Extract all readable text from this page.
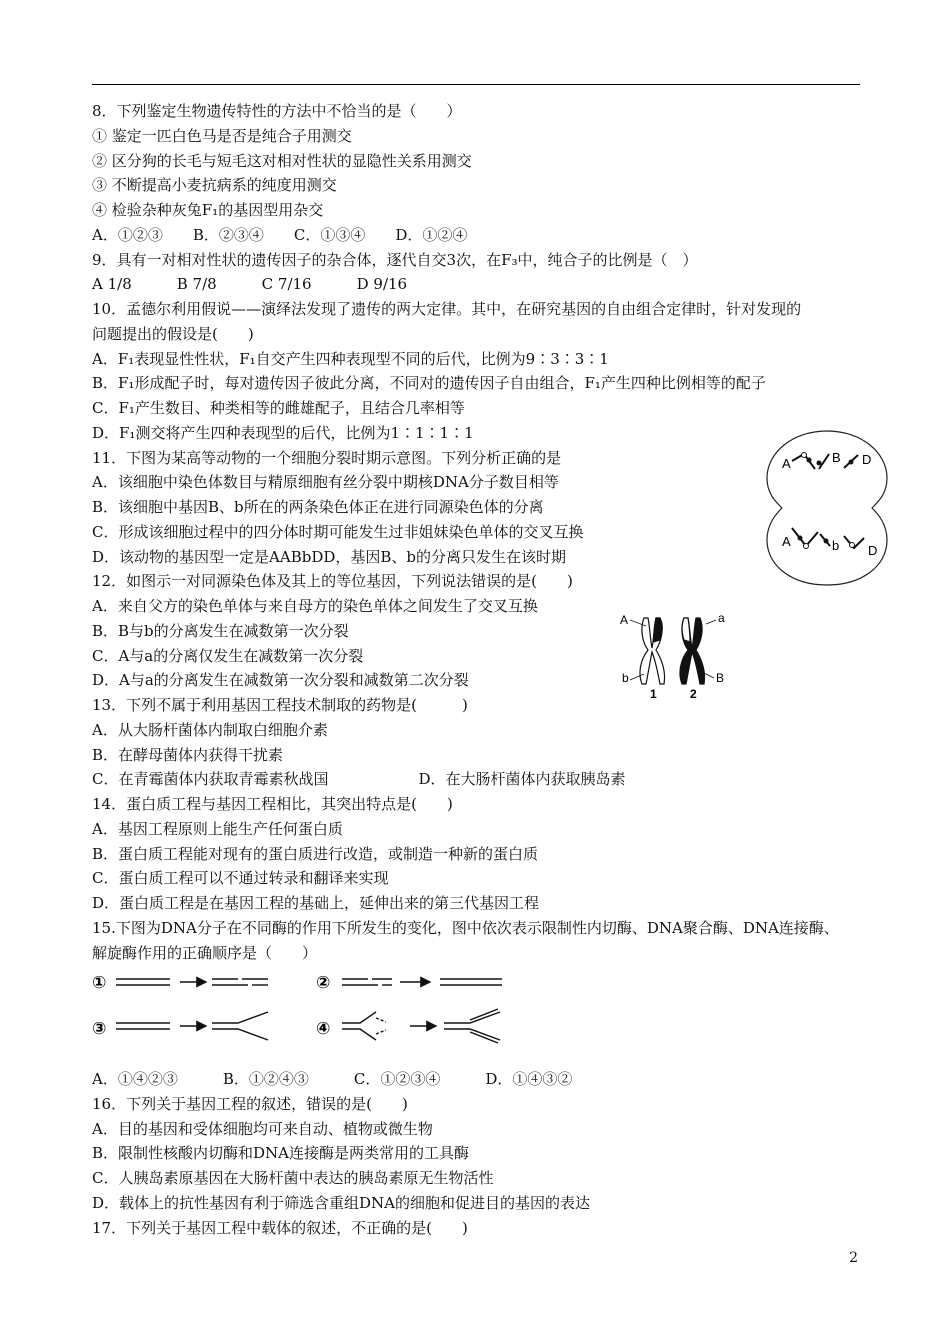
8．下列鉴定生物遗传特性的方法中不恰当的是（　　）
① 鉴定一匹白色马是否是纯合子用测交
② 区分狗的长毛与短毛这对相对性状的显隐性关系用测交
③ 不断提高小麦抗病系的纯度用测交
④ 检验杂种灰兔F₁的基因型用杂交
A．①②③　　B．②③④　　C．①③④　　D．①②④
9．具有一对相对性状的遗传因子的杂合体，逐代自交3次，在F₃中，纯合子的比例是（　）
A 1/8　　　B 7/8　　　C 7/16　　　D 9/16
10．孟德尔利用假说——演绎法发现了遗传的两大定律。其中，在研究基因的自由组合定律时，针对发现的
问题提出的假设是(　　)
A．F₁表现显性性状，F₁自交产生四种表现型不同的后代，比例为9∶3∶3∶1
B．F₁形成配子时，每对遗传因子彼此分离，不同对的遗传因子自由组合，F₁产生四种比例相等的配子
C．F₁产生数目、种类相等的雌雄配子，且结合几率相等
D．F₁测交将产生四种表现型的后代，比例为1∶1∶1∶1
11．下图为某高等动物的一个细胞分裂时期示意图。下列分析正确的是
A．该细胞中染色体数目与精原细胞有丝分裂中期核DNA分子数目相等
B．该细胞中基因B、b所在的两条染色体正在进行同源染色体的分离
C．形成该细胞过程中的四分体时期可能发生过非姐妹染色单体的交叉互换
D．该动物的基因型一定是AABbDD，基因B、b的分离只发生在该时期
12．如图示一对同源染色体及其上的等位基因，下列说法错误的是(　　)
A．来自父方的染色单体与来自母方的染色单体之间发生了交叉互换
B．B与b的分离发生在减数第一次分裂
C．A与a的分离仅发生在减数第一次分裂
D．A与a的分离发生在减数第一次分裂和减数第二次分裂
13．下列不属于利用基因工程技术制取的药物是(　　　)
A．从大肠杆菌体内制取白细胞介素
B．在酵母菌体内获得干扰素
C．在青霉菌体内获取青霉素秋战国　　　　　　D．在大肠杆菌体内获取胰岛素
14．蛋白质工程与基因工程相比，其突出特点是(　　)
A．基因工程原则上能生产任何蛋白质
B．蛋白质工程能对现有的蛋白质进行改造，或制造一种新的蛋白质
C．蛋白质工程可以不通过转录和翻译来实现
D．蛋白质工程是在基因工程的基础上，延伸出来的第三代基因工程
15.下图为DNA分子在不同酶的作用下所发生的变化，图中依次表示限制性内切酶、DNA聚合酶、DNA连接酶、
解旋酶作用的正确顺序是（　　）
A．①④②③　　　B．①②④③　　　C．①②③④　　　D．①④③②
16．下列关于基因工程的叙述，错误的是(　　)
A．目的基因和受体细胞均可来自动、植物或微生物
B．限制性核酸内切酶和DNA连接酶是两类常用的工具酶
C．人胰岛素原基因在大肠杆菌中表达的胰岛素原无生物活性
D．载体上的抗性基因有利于筛选含重组DNA的细胞和促进目的基因的表达
17．下列关于基因工程中载体的叙述，不正确的是(　　)
A	B D
A	b D
A	a
b	B
1	2
①	②
③	④
2
